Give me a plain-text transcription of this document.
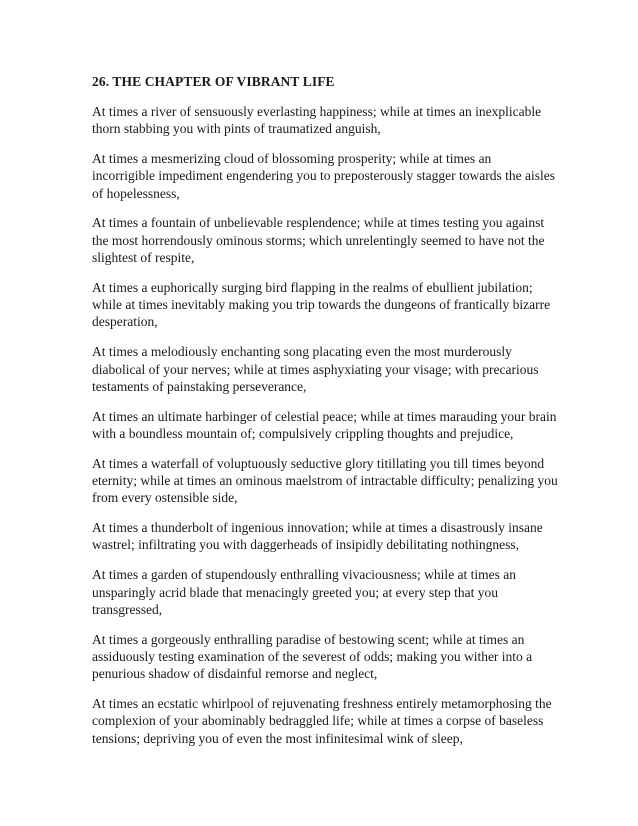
26. THE CHAPTER OF VIBRANT LIFE
At times a river of sensuously everlasting happiness; while at times an inexplicable
thorn stabbing you with pints of traumatized anguish,
At times a mesmerizing cloud of blossoming prosperity; while at times an
incorrigible impediment engendering you to preposterously stagger towards the aisles
of hopelessness,
At times a fountain of unbelievable resplendence; while at times testing you against
the most horrendously ominous storms; which unrelentingly seemed to have not the
slightest of respite,
At times a euphorically surging bird flapping in the realms of ebullient jubilation;
while at times inevitably making you trip towards the dungeons of frantically bizarre
desperation,
At times a melodiously enchanting song placating even the most murderously
diabolical of your nerves; while at times asphyxiating your visage; with precarious
testaments of painstaking perseverance,
At times an ultimate harbinger of celestial peace; while at times marauding your brain
with a boundless mountain of; compulsively crippling thoughts and prejudice,
At times a waterfall of voluptuously seductive glory titillating you till times beyond
eternity; while at times an ominous maelstrom of intractable difficulty; penalizing you
from every ostensible side,
At times a thunderbolt of ingenious innovation; while at times a disastrously insane
wastrel; infiltrating you with daggerheads of insipidly debilitating nothingness,
At times a garden of stupendously enthralling vivaciousness; while at times an
unsparingly acrid blade that menacingly greeted you; at every step that you
transgressed,
At times a gorgeously enthralling paradise of bestowing scent; while at times an
assiduously testing examination of the severest of odds; making you wither into a
penurious shadow of disdainful remorse and neglect,
At times an ecstatic whirlpool of rejuvenating freshness entirely metamorphosing the
complexion of your abominably bedraggled life; while at times a corpse of baseless
tensions; depriving you of even the most infinitesimal wink of sleep,
